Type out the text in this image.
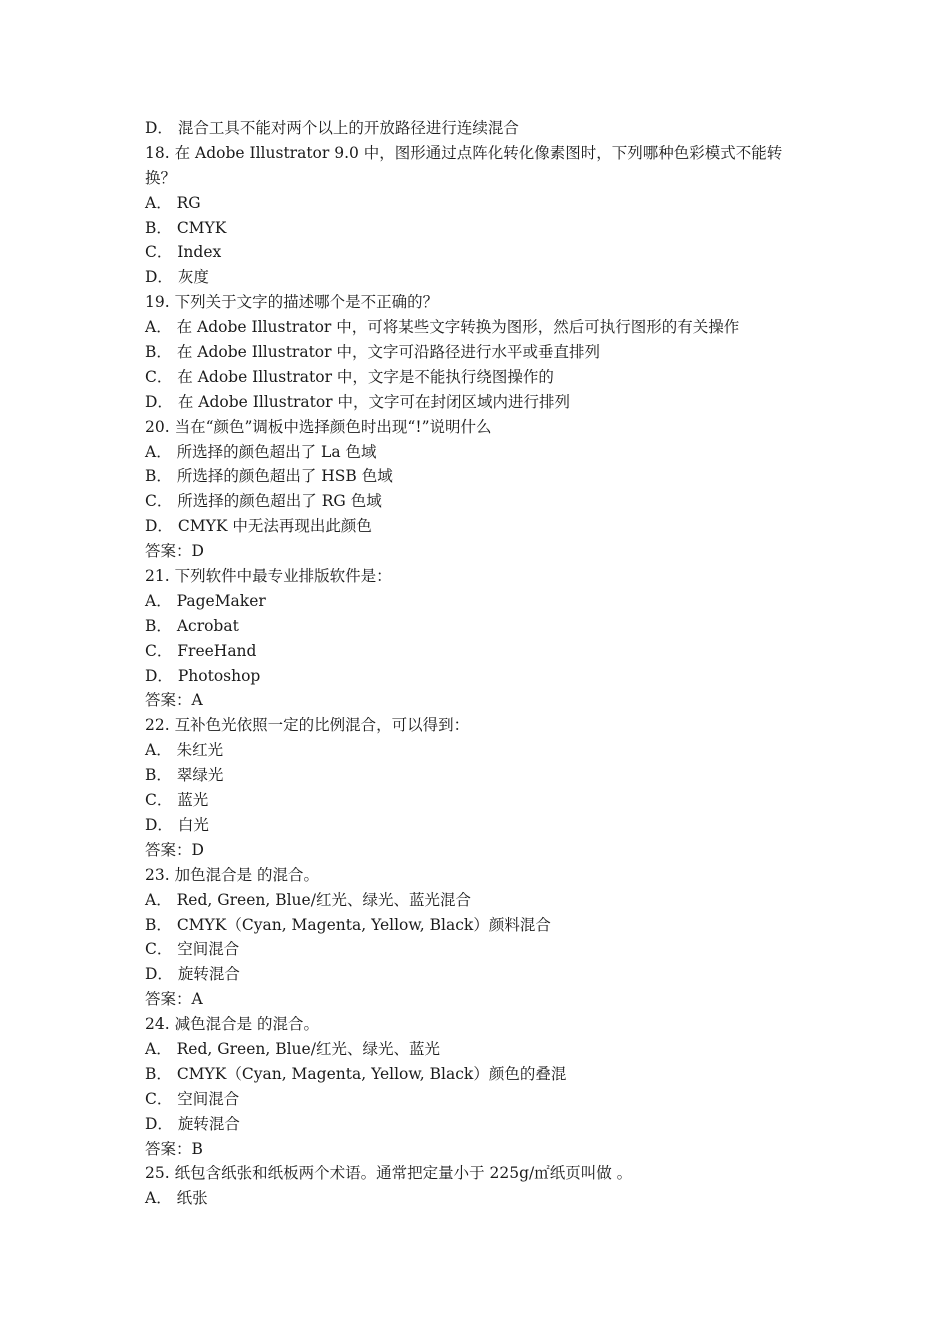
D． 混合工具不能对两个以上的开放路径进行连续混合
18. 在 Adobe Illustrator 9.0 中，图形通过点阵化转化像素图时，下列哪种色彩模式不能转
换？
A． RG
B． CMYK
C． Index
D． 灰度
19. 下列关于文字的描述哪个是不正确的？
A． 在 Adobe Illustrator 中，可将某些文字转换为图形，然后可执行图形的有关操作
B． 在 Adobe Illustrator 中，文字可沿路径进行水平或垂直排列
C． 在 Adobe Illustrator 中，文字是不能执行绕图操作的
D． 在 Adobe Illustrator 中，文字可在封闭区域内进行排列
20. 当在“颜色”调板中选择颜色时出现“!”说明什么
A． 所选择的颜色超出了 La 色域
B． 所选择的颜色超出了 HSB 色域
C． 所选择的颜色超出了 RG 色域
D． CMYK 中无法再现出此颜色
答案：D
21. 下列软件中最专业排版软件是：
A． PageMaker
B． Acrobat
C． FreeHand
D． Photoshop
答案：A
22. 互补色光依照一定的比例混合，可以得到：
A． 朱红光
B． 翠绿光
C． 蓝光
D． 白光
答案：D
23. 加色混合是 的混合。
A． Red, Green, Blue/红光、绿光、蓝光混合
B． CMYK（Cyan, Magenta, Yellow, Black）颜料混合
C． 空间混合
D． 旋转混合
答案：A
24. 减色混合是 的混合。
A． Red, Green, Blue/红光、绿光、蓝光
B． CMYK（Cyan, Magenta, Yellow, Black）颜色的叠混
C． 空间混合
D． 旋转混合
答案：B
25. 纸包含纸张和纸板两个术语。通常把定量小于 225g/㎡纸页叫做 。
A． 纸张
